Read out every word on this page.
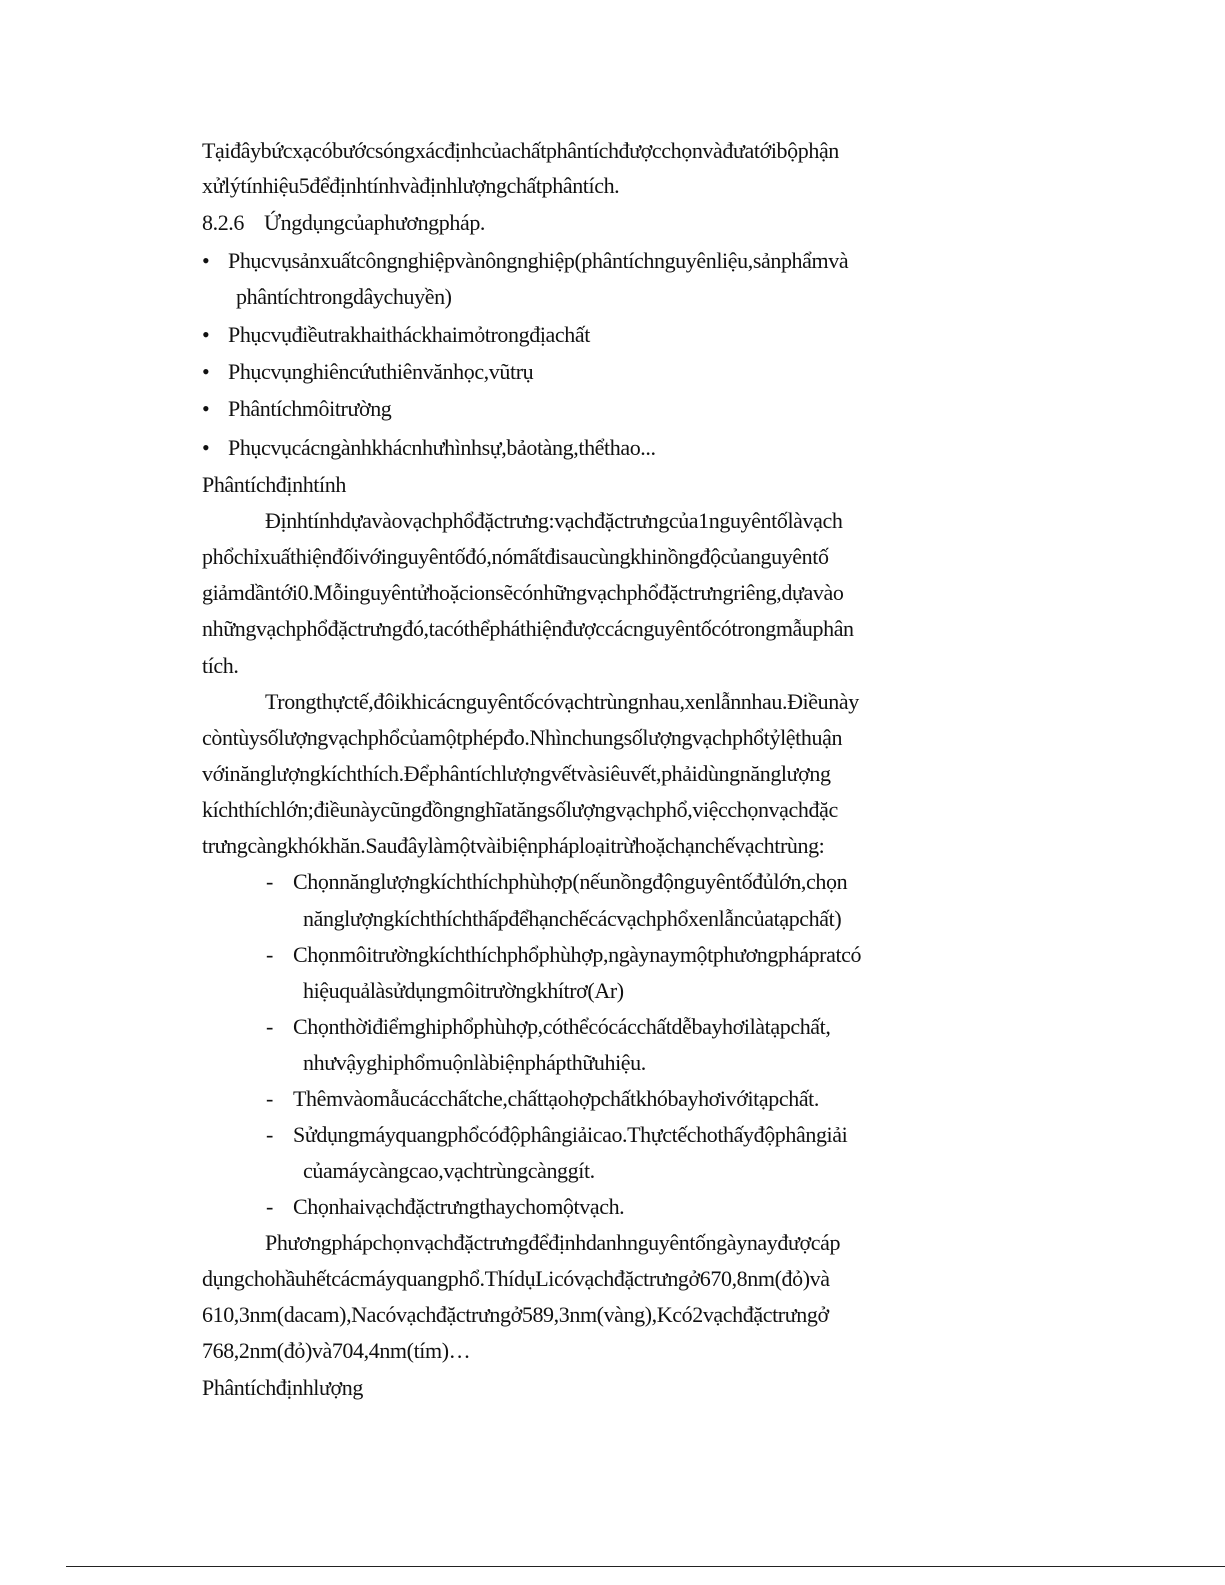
Tạiđâybứcxạcóbướcsóngxácđịnhcủachấtphântíchđượcchọnvàđưatớibộphận
xửlýtínhiệu5đểđịnhtínhvàđịnhlượngchấtphântích.
8.2.6 Ứngdụngcủaphươngpháp.
• Phụcvụsảnxuấtcôngnghiệpvànôngnghiệp(phântíchnguyênliệu,sảnphẩmvà
phântíchtrongdâychuyền)
• Phụcvụđiềutrakhaitháckhaimỏtrongđịachất
• Phụcvụnghiêncứuthiênvănhọc,vũtrụ
• Phântíchmôitrường
• Phụcvụcácngànhkhácnhưhìnhsự,bảotàng,thểthao...
Phântíchđịnhtính
Địnhtínhdựavàovạchphổđặctrưng:vạchđặctrưngcủa1nguyêntốlàvạch
phổchỉxuấthiệnđốivớinguyêntốđó,nómấtđisaucùngkhinồngđộcủanguyêntố
giảmdầntới0.Mỗinguyêntửhoặcionsẽcónhữngvạchphổđặctrưngriêng,dựavào
nhữngvạchphổđặctrưngđó,tacóthểpháthiệnđượccácnguyêntốcótrongmẫuphân
tích.
Trongthựctế,đôikhicácnguyêntốcóvạchtrùngnhau,xenlẫnnhau.Điềunày
còntùysốlượngvạchphổcủamộtphépđo.Nhìnchungsốlượngvạchphổtỷlệthuận
vớinănglượngkíchthích.Đểphântíchlượngvếtvàsiêuvết,phảidùngnănglượng
kíchthíchlớn;điềunàycũngđồngnghĩatăngsốlượngvạchphổ,việcchọnvạchđặc
trưngcàngkhókhăn.Sauđâylàmộtvàibiệnpháploạitrừhoặchạnchếvạchtrùng:
- Chọnnănglượngkíchthíchphùhợp(nếunồngđộnguyêntốđủlớn,chọn
nănglượngkíchthíchthấpđểhạnchếcácvạchphổxenlẫncủatạpchất)
- Chọnmôitrườngkíchthíchphổphùhợp,ngàynaymộtphươngphápratcó
hiệuquảlàsửdụngmôitrườngkhítrơ(Ar)
- Chọnthờiđiểmghiphổphùhợp,cóthểcócácchấtdễbayhơilàtạpchất,
nhưvậyghiphổmuộnlàbiệnphápthữuhiệu.
- Thêmvàomẫucácchấtche,chấttạohợpchấtkhóbayhơivớitạpchất.
- Sửdụngmáyquangphổcóđộphângiảicao.Thựctếchothấyđộphângiải
củamáycàngcao,vạchtrùngcànggít.
- Chọnhaivạchđặctrưngthaychomộtvạch.
Phươngphápchọnvạchđặctrưngđểđịnhdanhnguyêntốngàynayđượcáp
dụngchohầuhếtcácmáyquangphổ.ThídụLicóvạchđặctrưngở670,8nm(đỏ)và
610,3nm(dacam),Nacóvạchđặctrưngở589,3nm(vàng),Kcó2vạchđặctrưngở
768,2nm(đỏ)và704,4nm(tím)…
Phântíchđịnhlượng
